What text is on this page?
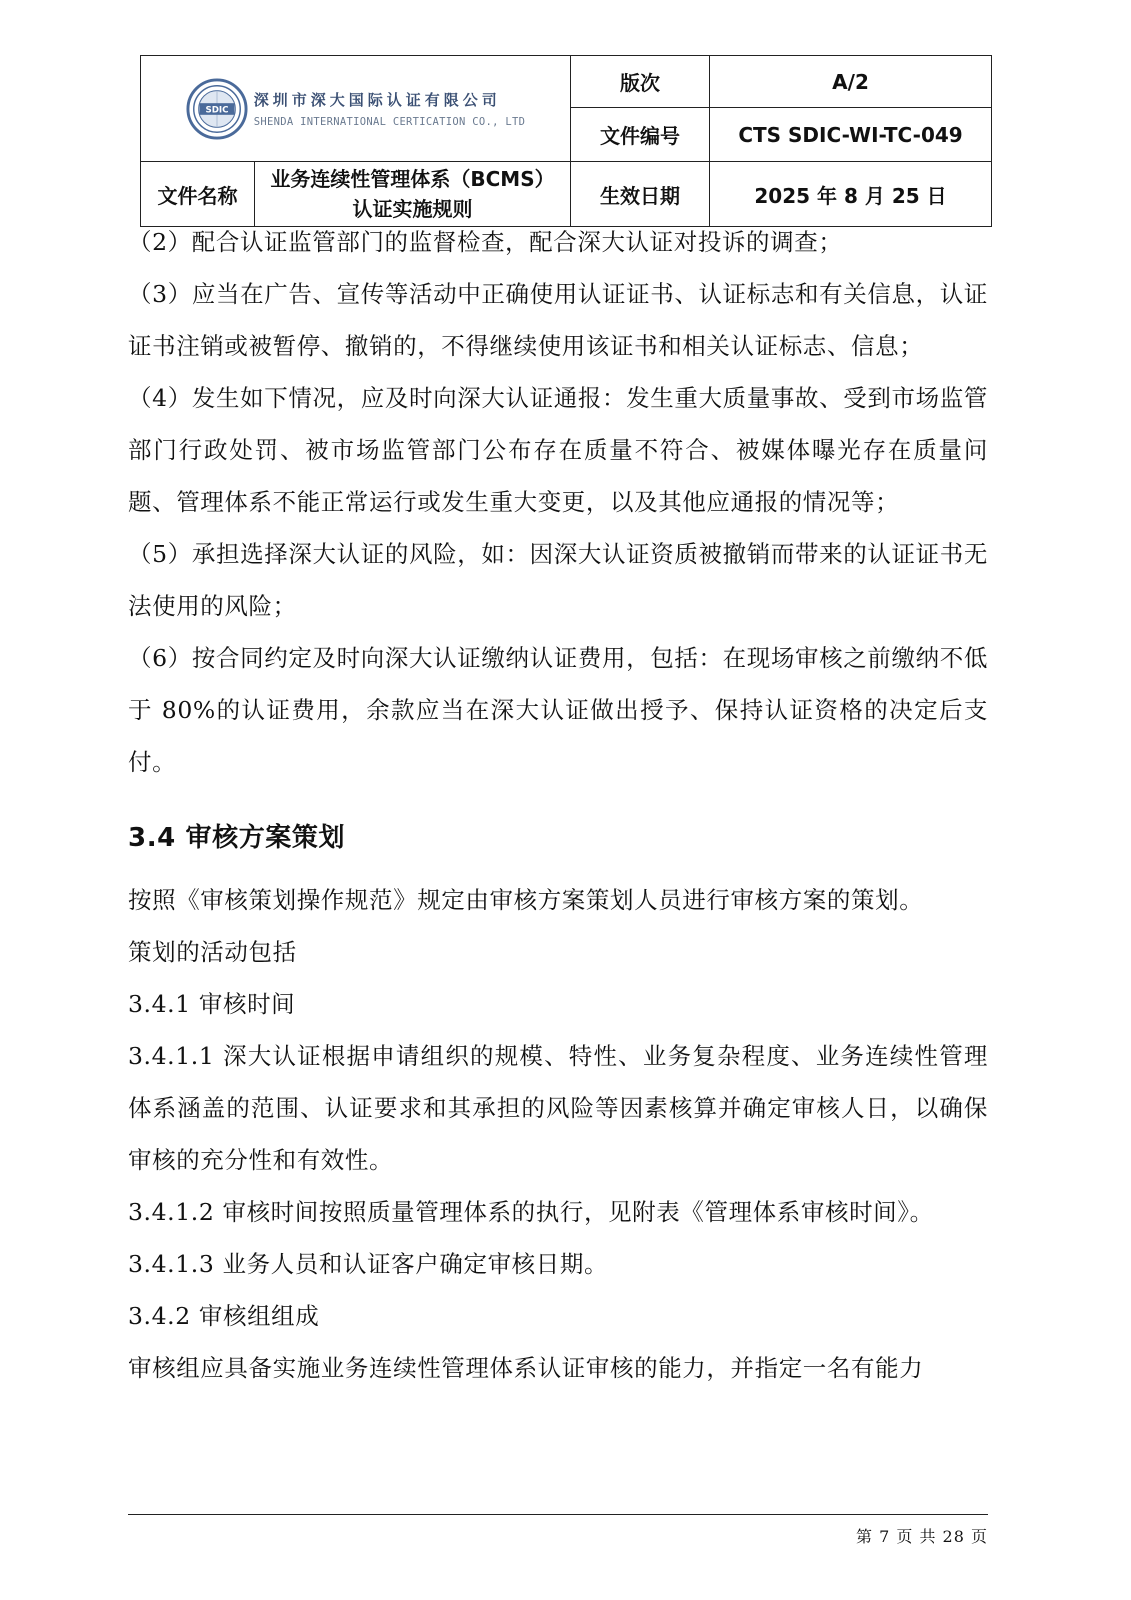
SDIC
深圳市深大国际认证有限公司
SHENDA INTERNATIONAL CERTICATION CO., LTD		版次	A/2
		文件编号	CTS SDIC-WI-TC-049
文件名称	业务连续性管理体系（BCMS）认证实施规则	生效日期	2025 年 8 月 25 日

（2）配合认证监管部门的监督检查，配合深大认证对投诉的调查；

（3）应当在广告、宣传等活动中正确使用认证证书、认证标志和有关信息，认证证书注销或被暂停、撤销的，不得继续使用该证书和相关认证标志、信息；

（4）发生如下情况，应及时向深大认证通报：发生重大质量事故、受到市场监管部门行政处罚、被市场监管部门公布存在质量不符合、被媒体曝光存在质量问题、管理体系不能正常运行或发生重大变更，以及其他应通报的情况等；

（5）承担选择深大认证的风险，如：因深大认证资质被撤销而带来的认证证书无法使用的风险；

（6）按合同约定及时向深大认证缴纳认证费用，包括：在现场审核之前缴纳不低于 80%的认证费用，余款应当在深大认证做出授予、保持认证资格的决定后支付。

3.4 审核方案策划

按照《审核策划操作规范》规定由审核方案策划人员进行审核方案的策划。

策划的活动包括

3.4.1 审核时间

3.4.1.1 深大认证根据申请组织的规模、特性、业务复杂程度、业务连续性管理体系涵盖的范围、认证要求和其承担的风险等因素核算并确定审核人日，以确保审核的充分性和有效性。

3.4.1.2 审核时间按照质量管理体系的执行，见附表《管理体系审核时间》。

3.4.1.3 业务人员和认证客户确定审核日期。

3.4.2 审核组组成

审核组应具备实施业务连续性管理体系认证审核的能力，并指定一名有能力

第 7 页 共 28 页
